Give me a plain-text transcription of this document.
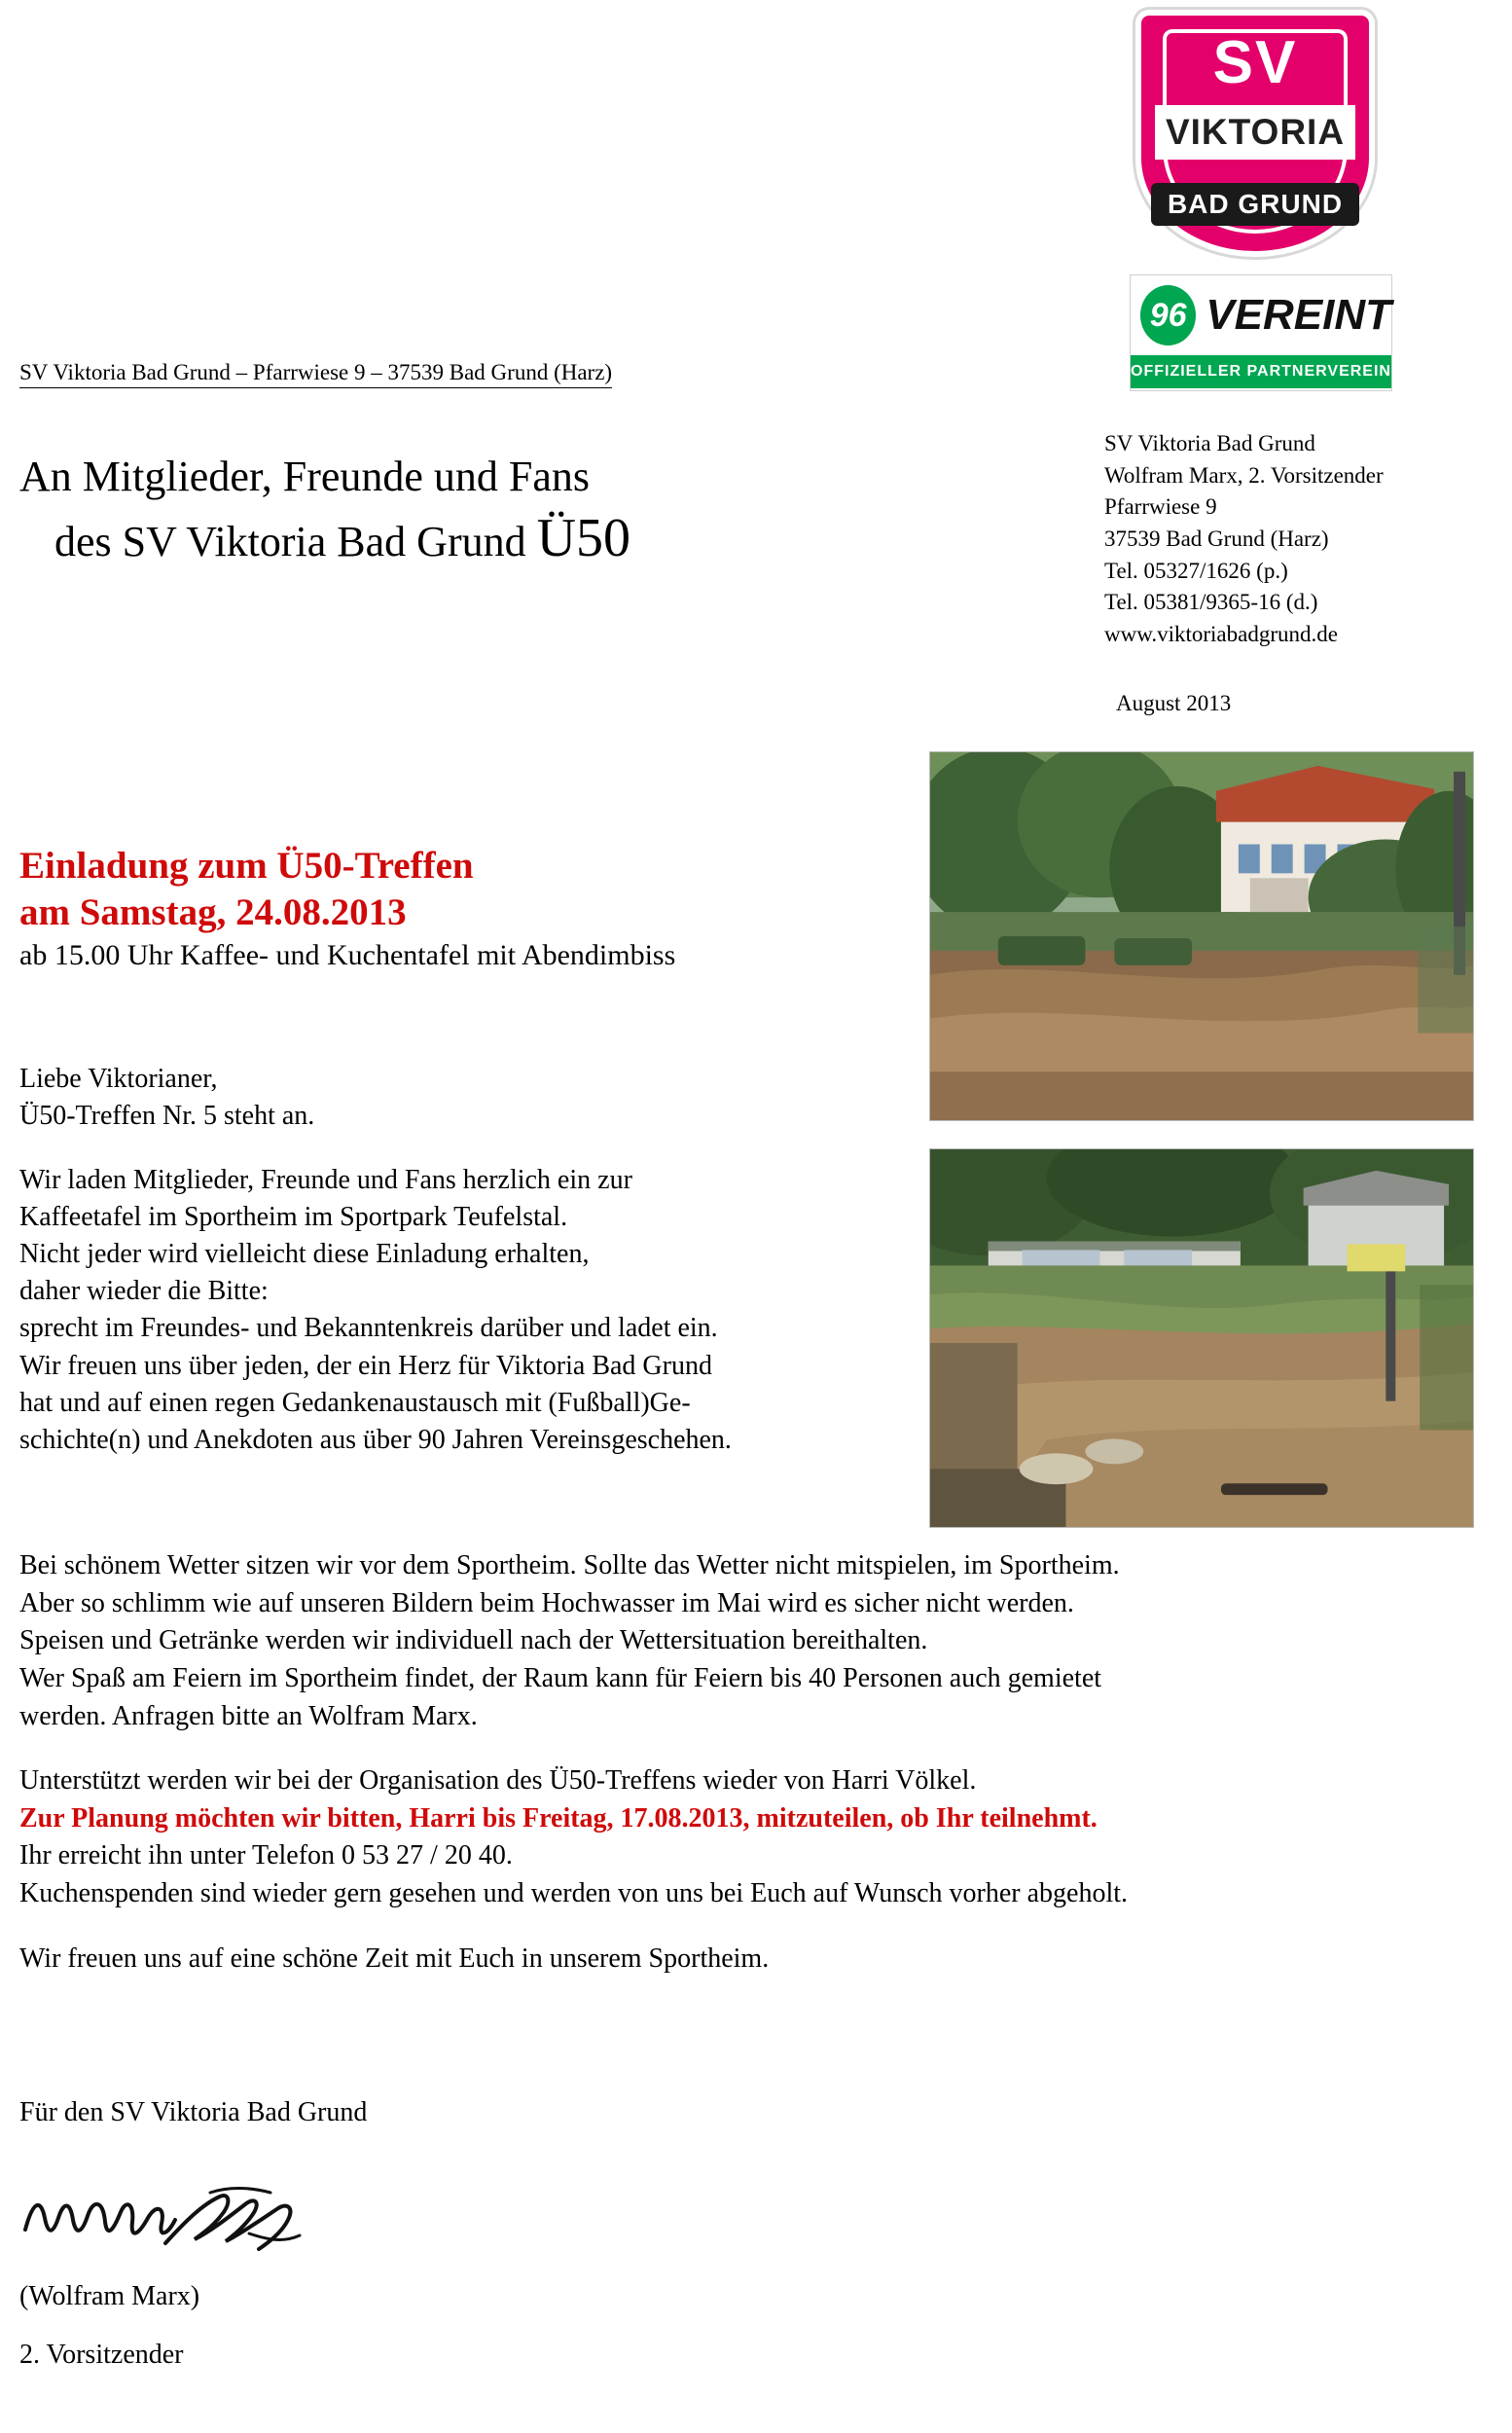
SV
VIKTORIA
BAD GRUND
96 VEREINT
OFFIZIELLER PARTNERVEREIN
SV Viktoria Bad Grund – Pfarrwiese 9 – 37539 Bad Grund (Harz)
An Mitglieder, Freunde und Fans
des SV Viktoria Bad Grund Ü50
SV Viktoria Bad Grund
Wolfram Marx, 2. Vorsitzender
Pfarrwiese 9
37539 Bad Grund (Harz)
Tel. 05327/1626 (p.)
Tel. 05381/9365-16 (d.)
www.viktoriabadgrund.de
August 2013
Einladung zum Ü50-Treffen
am Samstag, 24.08.2013
ab 15.00 Uhr Kaffee- und Kuchentafel mit Abendimbiss

Liebe Viktorianer,

Ü50-Treffen Nr. 5 steht an.

Wir laden Mitglieder, Freunde und Fans herzlich ein zur

Kaffeetafel im Sportheim im Sportpark Teufelstal.

Nicht jeder wird vielleicht diese Einladung erhalten,

daher wieder die Bitte:

sprecht im Freundes- und Bekanntenkreis darüber und ladet ein.

Wir freuen uns über jeden, der ein Herz für Viktoria Bad Grund

hat und auf einen regen Gedankenaustausch mit (Fußball)Ge-

schichte(n) und Anekdoten aus über 90 Jahren Vereinsgeschehen.

Bei schönem Wetter sitzen wir vor dem Sportheim. Sollte das Wetter nicht mitspielen, im Sportheim.

Aber so schlimm wie auf unseren Bildern beim Hochwasser im Mai wird es sicher nicht werden.

Speisen und Getränke werden wir individuell nach der Wettersituation bereithalten.

Wer Spaß am Feiern im Sportheim findet, der Raum kann für Feiern bis 40 Personen auch gemietet

werden. Anfragen bitte an Wolfram Marx.

Unterstützt werden wir bei der Organisation des Ü50-Treffens wieder von Harri Völkel.

Zur Planung möchten wir bitten, Harri bis Freitag, 17.08.2013, mitzuteilen, ob Ihr teilnehmt.

Ihr erreicht ihn unter Telefon 0 53 27 / 20 40.

Kuchenspenden sind wieder gern gesehen und werden von uns bei Euch auf Wunsch vorher abgeholt.

Wir freuen uns auf eine schöne Zeit mit Euch in unserem Sportheim.

Für den SV Viktoria Bad Grund
(Wolfram Marx)
2. Vorsitzender
